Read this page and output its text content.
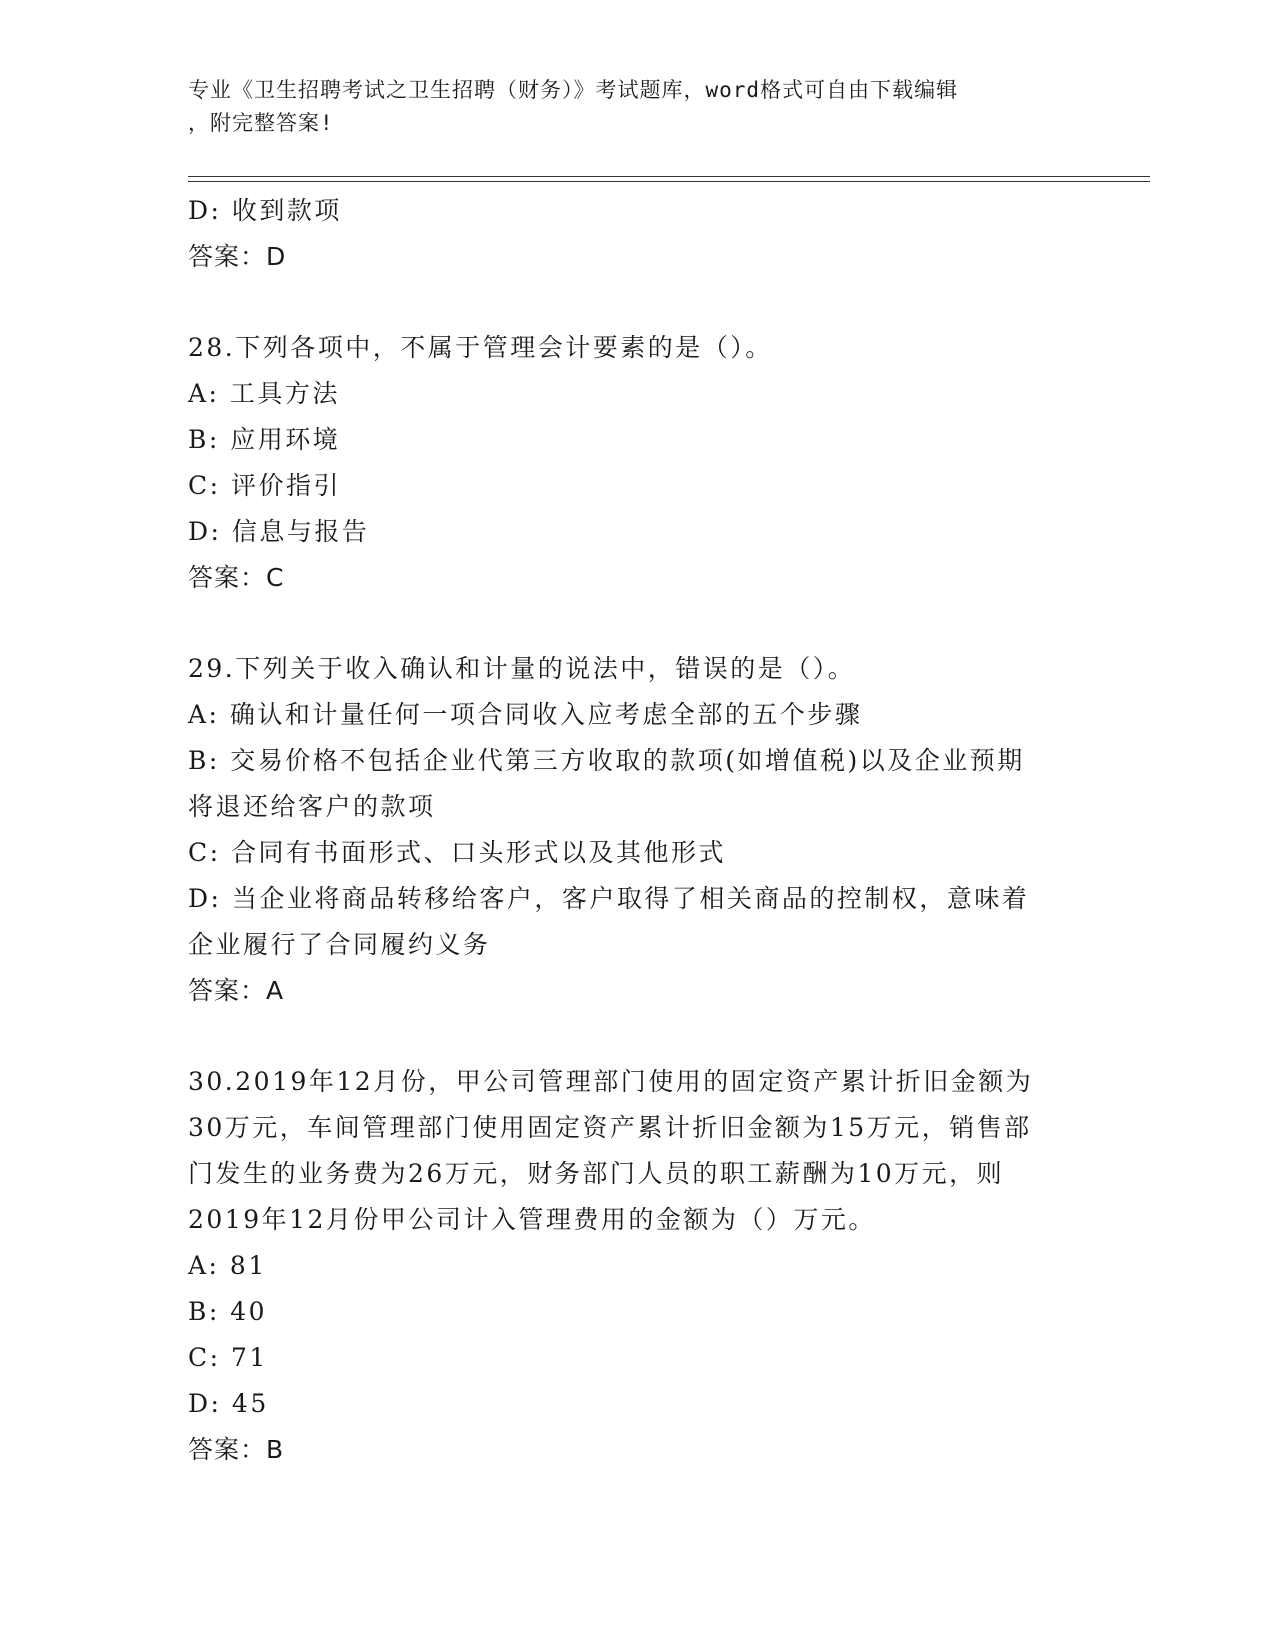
专业《卫生招聘考试之卫生招聘（财务）》考试题库，word格式可自由下载编辑
，附完整答案!
D: 收到款项
答案：D
28.下列各项中，不属于管理会计要素的是（）。
A: 工具方法
B: 应用环境
C: 评价指引
D: 信息与报告
答案：C
29.下列关于收入确认和计量的说法中，错误的是（）。
A: 确认和计量任何一项合同收入应考虑全部的五个步骤
B: 交易价格不包括企业代第三方收取的款项(如增值税)以及企业预期
将退还给客户的款项
C: 合同有书面形式、口头形式以及其他形式
D: 当企业将商品转移给客户，客户取得了相关商品的控制权，意味着
企业履行了合同履约义务
答案：A
30.2019年12月份，甲公司管理部门使用的固定资产累计折旧金额为
30万元，车间管理部门使用固定资产累计折旧金额为15万元，销售部
门发生的业务费为26万元，财务部门人员的职工薪酬为10万元，则
2019年12月份甲公司计入管理费用的金额为（）万元。
A: 81
B: 40
C: 71
D: 45
答案：B
